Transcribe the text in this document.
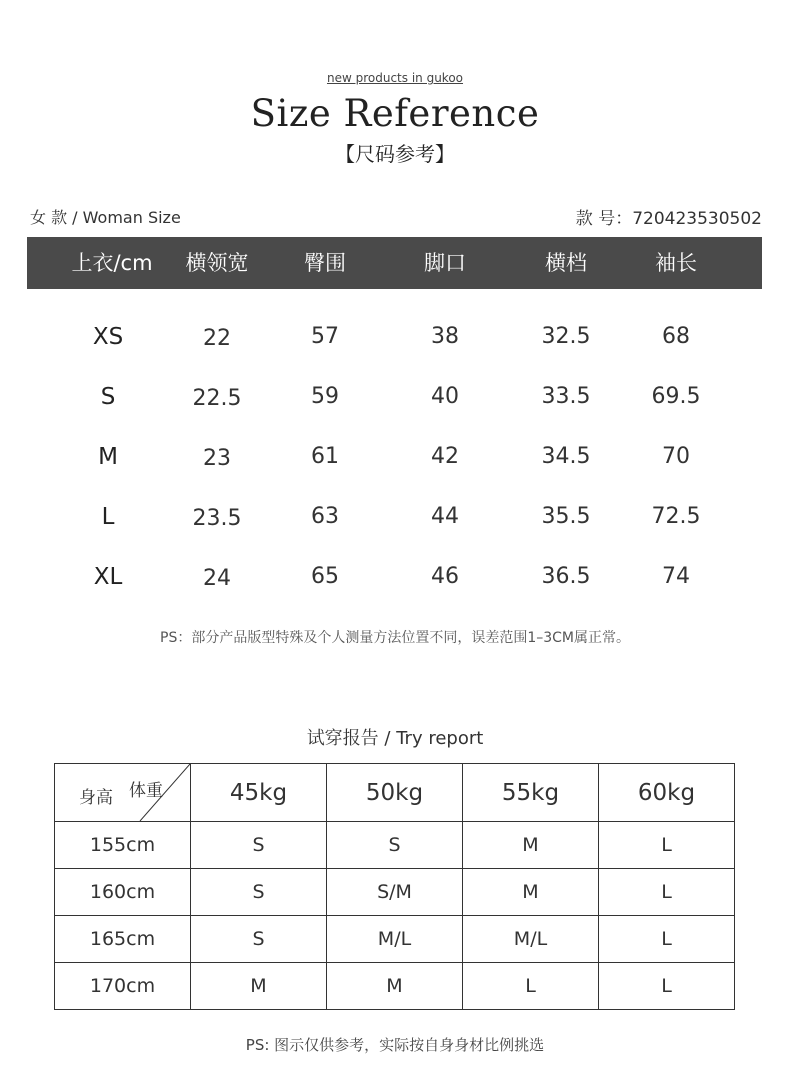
new products in gukoo
Size Reference
【尺码参考】
女 款 / Woman Size	款 号：720423530502
上衣/cm	横领宽	臀围	脚口	横档	袖长
XS	22	57	38	32.5	68
S	22.5	59	40	33.5	69.5
M	23	61	42	34.5	70
L	23.5	63	44	35.5	72.5
XL	24	65	46	36.5	74
PS：部分产品版型特殊及个人测量方法位置不同，误差范围1–3CM属正常。
试穿报告 / Try report
身高 体重	45kg	50kg	55kg	60kg
155cm	S	S	M	L
160cm	S	S/M	M	L
165cm	S	M/L	M/L	L
170cm	M	M	L	L
PS: 图示仅供参考，实际按自身身材比例挑选
